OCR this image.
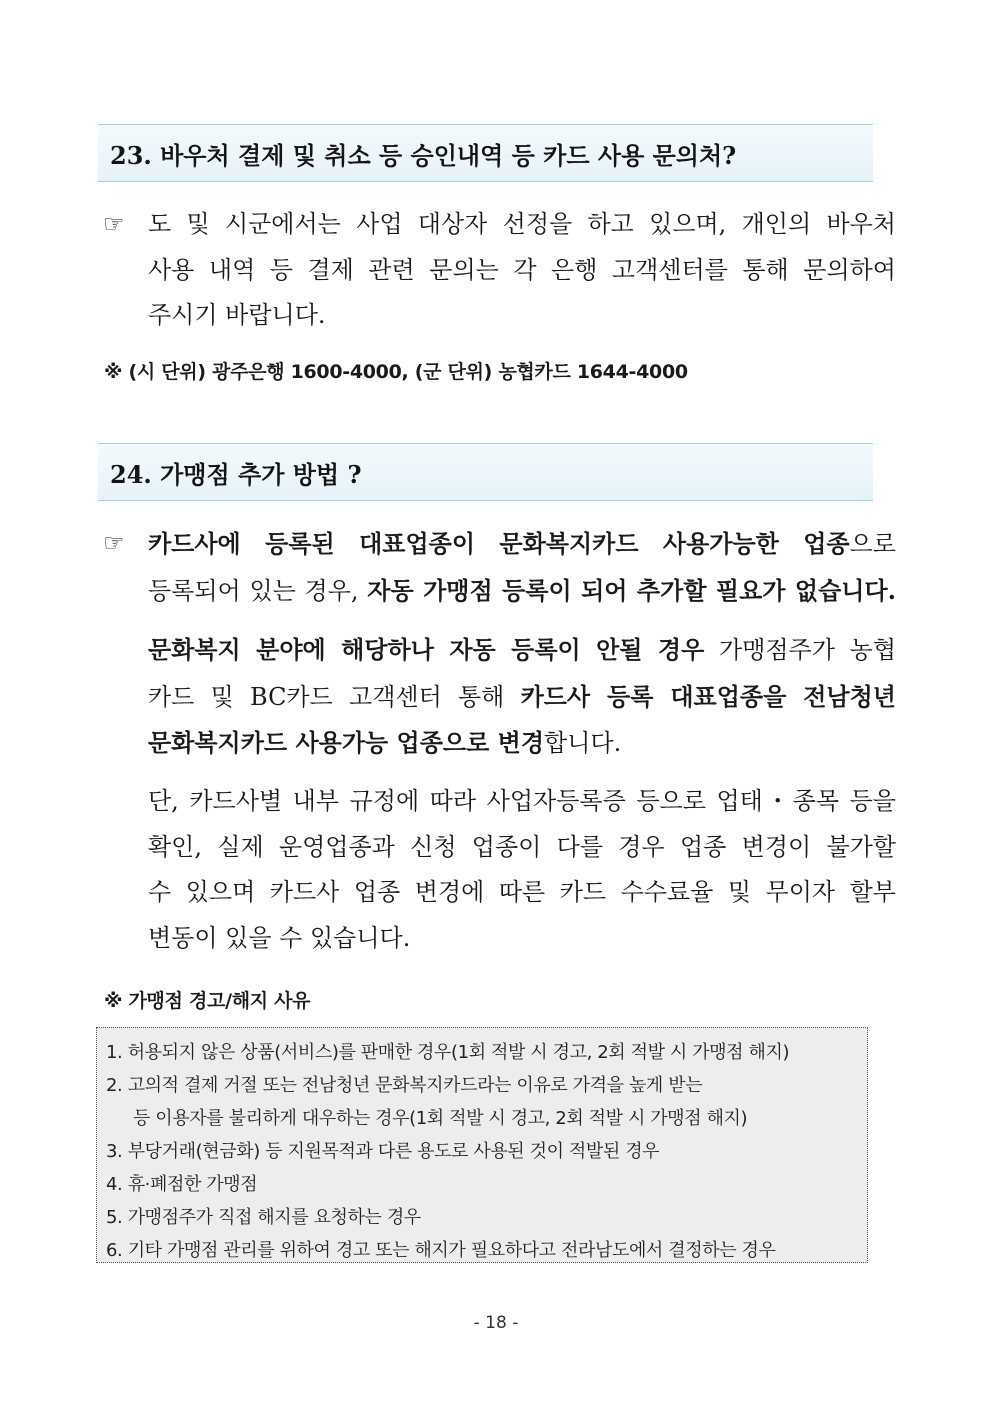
23. 바우처 결제 및 취소 등 승인내역 등 카드 사용 문의처?
☞ 도 및 시군에서는 사업 대상자 선정을 하고 있으며, 개인의 바우처
사용 내역 등 결제 관련 문의는 각 은행 고객센터를 통해 문의하여
주시기 바랍니다.
※ (시 단위) 광주은행 1600-4000, (군 단위) 농협카드 1644-4000
24. 가맹점 추가 방법 ?
☞ 카드사에 등록된 대표업종이 문화복지카드 사용가능한 업종으로
등록되어 있는 경우, 자동 가맹점 등록이 되어 추가할 필요가 없습니다.
문화복지 분야에 해당하나 자동 등록이 안될 경우 가맹점주가 농협
카드 및 BC카드 고객센터 통해 카드사 등록 대표업종을 전남청년
문화복지카드 사용가능 업종으로 변경합니다.
단, 카드사별 내부 규정에 따라 사업자등록증 등으로 업태・종목 등을
확인, 실제 운영업종과 신청 업종이 다를 경우 업종 변경이 불가할
수 있으며 카드사 업종 변경에 따른 카드 수수료율 및 무이자 할부
변동이 있을 수 있습니다.
※ 가맹점 경고/해지 사유
1. 허용되지 않은 상품(서비스)를 판매한 경우(1회 적발 시 경고, 2회 적발 시 가맹점 해지)
2. 고의적 결제 거절 또는 전남청년 문화복지카드라는 이유로 가격을 높게 받는
등 이용자를 불리하게 대우하는 경우(1회 적발 시 경고, 2회 적발 시 가맹점 해지)
3. 부당거래(현금화) 등 지원목적과 다른 용도로 사용된 것이 적발된 경우
4. 휴·폐점한 가맹점
5. 가맹점주가 직접 해지를 요청하는 경우
6. 기타 가맹점 관리를 위하여 경고 또는 해지가 필요하다고 전라남도에서 결정하는 경우
- 18 -
